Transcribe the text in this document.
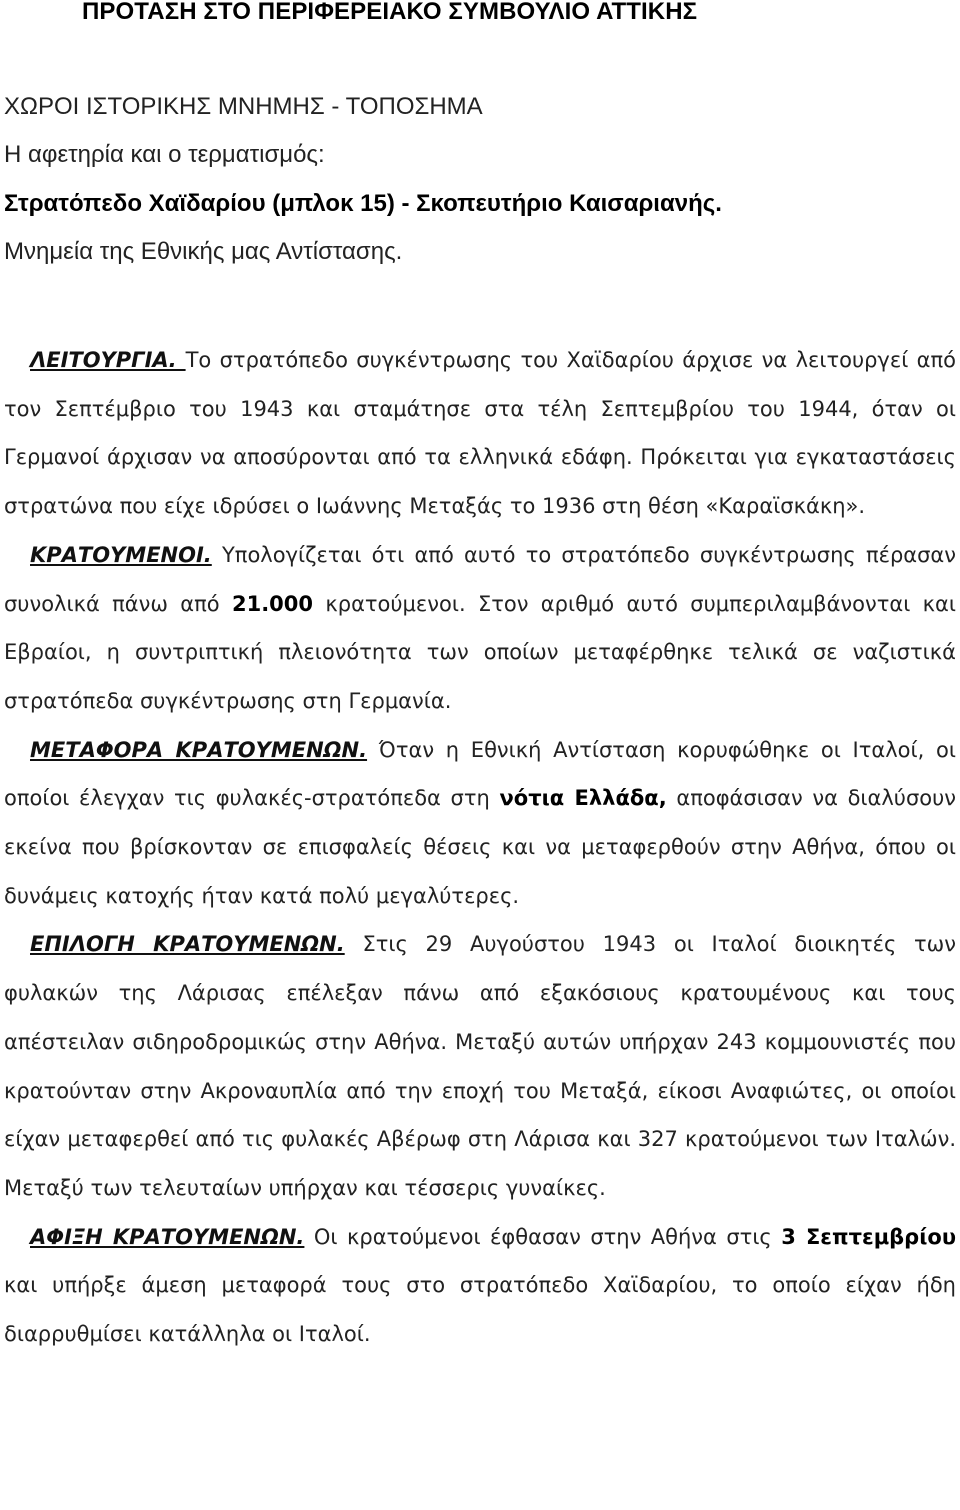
ΠΡΟΤΑΣΗ ΣΤΟ ΠΕΡΙΦΕΡΕΙΑΚΟ ΣΥΜΒΟΥΛΙΟ ΑΤΤΙΚΗΣ
ΧΩΡΟΙ ΙΣΤΟΡΙΚΗΣ ΜΝΗΜΗΣ - ΤΟΠΟΣΗΜΑ
Η αφετηρία και ο τερματισμός:
Στρατόπεδο Χαϊδαρίου (μπλοκ 15) - Σκοπευτήριο Καισαριανής.
Μνημεία της Εθνικής μας Αντίστασης.

ΛΕΙΤΟΥΡΓΙΑ. Το στρατόπεδο συγκέντρωσης του Χαϊδαρίου άρχισε να λειτουργεί από τον Σεπτέμβριο του 1943 και σταμάτησε στα τέλη Σεπτεμβρίου του 1944, όταν οι Γερμανοί άρχισαν να αποσύρονται από τα ελληνικά εδάφη. Πρόκειται για εγκαταστάσεις στρατώνα που είχε ιδρύσει ο Ιωάννης Μεταξάς το 1936 στη θέση «Καραϊσκάκη».

ΚΡΑΤΟΥΜΕΝΟΙ. Υπολογίζεται ότι από αυτό το στρατόπεδο συγκέντρωσης πέρασαν συνολικά πάνω από 21.000 κρατούμενοι. Στον αριθμό αυτό συμπεριλαμβάνονται και Εβραίοι, η συντριπτική πλειονότητα των οποίων μεταφέρθηκε τελικά σε ναζιστικά στρατόπεδα συγκέντρωσης στη Γερμανία.

ΜΕΤΑΦΟΡΑ ΚΡΑΤΟΥΜΕΝΩΝ. Όταν η Εθνική Αντίσταση κορυφώθηκε οι Ιταλοί, οι οποίοι έλεγχαν τις φυλακές-στρατόπεδα στη νότια Ελλάδα, αποφάσισαν να διαλύσουν εκείνα που βρίσκονταν σε επισφαλείς θέσεις και να μεταφερθούν στην Αθήνα, όπου οι δυνάμεις κατοχής ήταν κατά πολύ μεγαλύτερες.

ΕΠΙΛΟΓΗ ΚΡΑΤΟΥΜΕΝΩΝ. Στις 29 Αυγούστου 1943 οι Ιταλοί διοικητές των φυλακών της Λάρισας επέλεξαν πάνω από εξακόσιους κρατουμένους και τους απέστειλαν σιδηροδρομικώς στην Αθήνα. Μεταξύ αυτών υπήρχαν 243 κομμουνιστές που κρατούνταν στην Ακροναυπλία από την εποχή του Μεταξά, είκοσι Αναφιώτες, οι οποίοι είχαν μεταφερθεί από τις φυλακές Αβέρωφ στη Λάρισα και 327 κρατούμενοι των Ιταλών. Μεταξύ των τελευταίων υπήρχαν και τέσσερις γυναίκες.

ΑΦΙΞΗ ΚΡΑΤΟΥΜΕΝΩΝ. Οι κρατούμενοι έφθασαν στην Αθήνα στις 3 Σεπτεμβρίου και υπήρξε άμεση μεταφορά τους στο στρατόπεδο Χαϊδαρίου, το οποίο είχαν ήδη διαρρυθμίσει κατάλληλα οι Ιταλοί.
